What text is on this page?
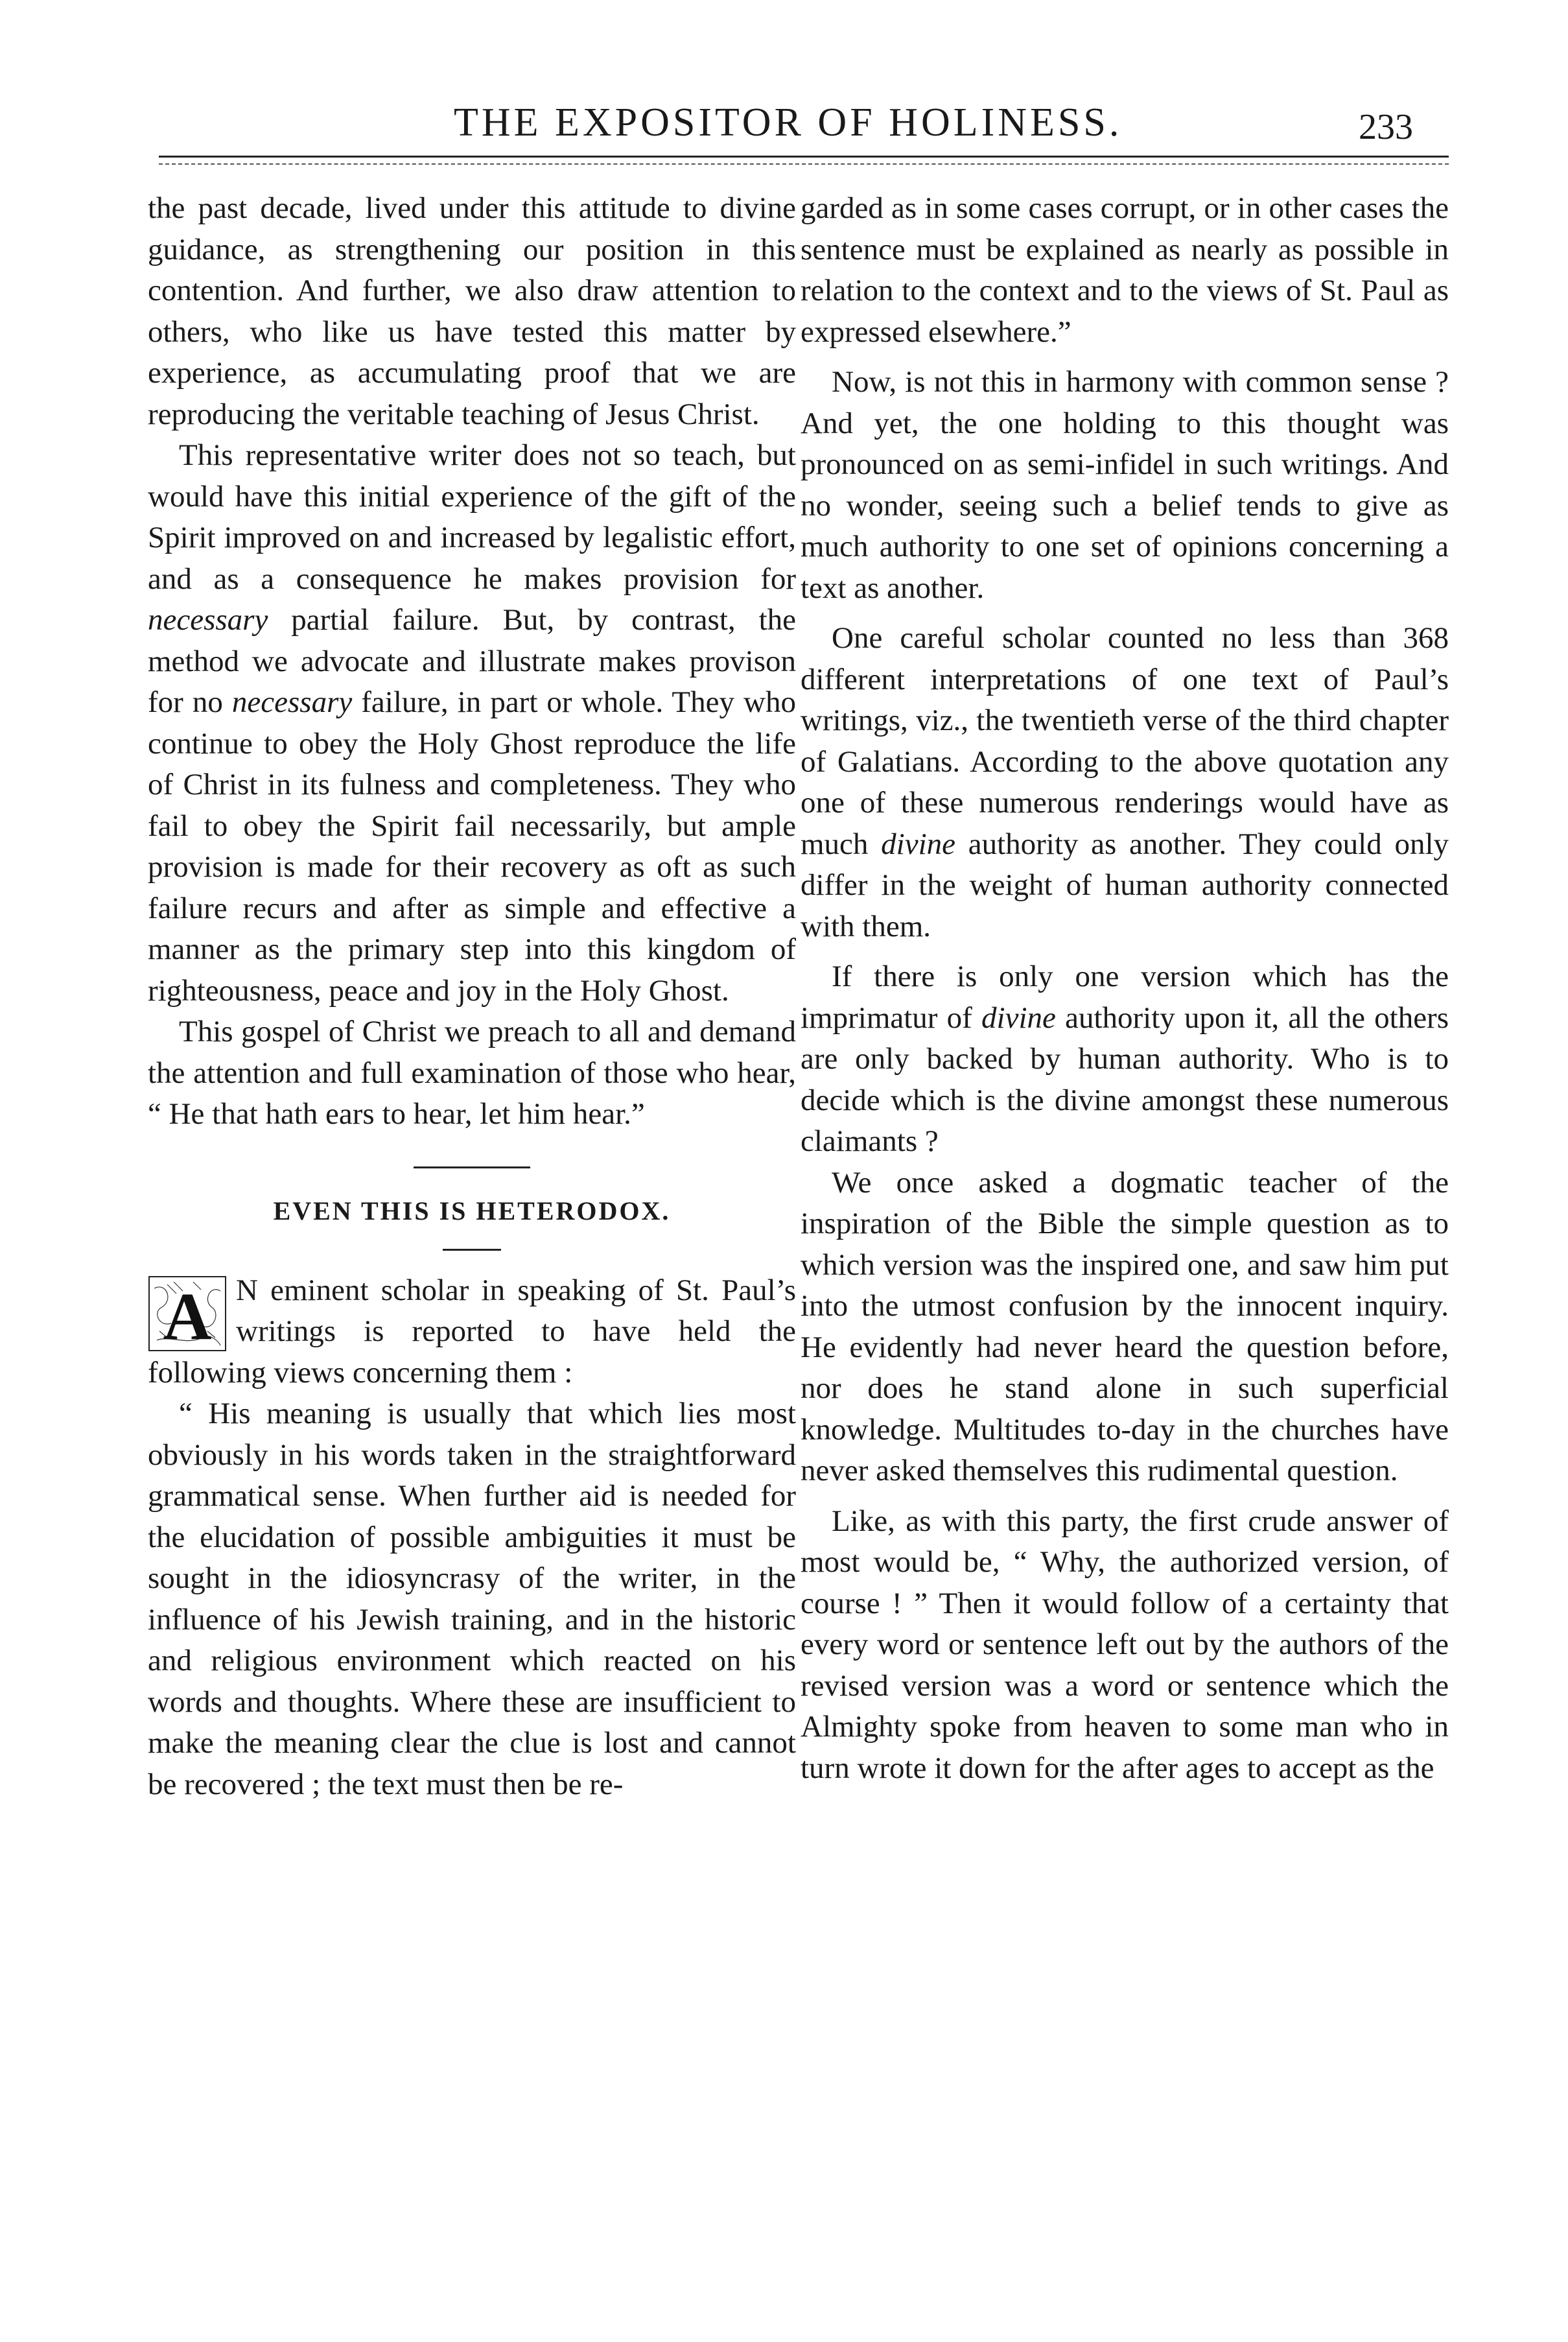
THE EXPOSITOR OF HOLINESS.	233

the past decade, lived under this attitude to divine guidance, as strengthening our position in this contention. And further, we also draw attention to others, who like us have tested this matter by experience, as accumulating proof that we are reproducing the veritable teaching of Jesus Christ.

This representative writer does not so teach, but would have this initial experience of the gift of the Spirit improved on and increased by legalistic effort, and as a consequence he makes provision for necessary partial failure. But, by contrast, the method we advocate and illustrate makes provison for no necessary failure, in part or whole. They who continue to obey the Holy Ghost reproduce the life of Christ in its fulness and completeness. They who fail to obey the Spirit fail necessarily, but ample provision is made for their recovery as oft as such failure recurs and after as simple and effective a manner as the primary step into this kingdom of righteousness, peace and joy in the Holy Ghost.

This gospel of Christ we preach to all and demand the attention and full examination of those who hear, “ He that hath ears to hear, let him hear.”

EVEN THIS IS HETERODOX.
A N eminent scholar in speaking of St. Paul’s writings is reported to have held the following views concerning them :

“ His meaning is usually that which lies most obviously in his words taken in the straightforward grammatical sense. When further aid is needed for the elucidation of possible ambiguities it must be sought in the idiosyncrasy of the writer, in the influence of his Jewish training, and in the historic and religious environment which reacted on his words and thoughts. Where these are insufficient to make the meaning clear the clue is lost and cannot be recovered ; the text must then be re-

garded as in some cases corrupt, or in other cases the sentence must be explained as nearly as possible in relation to the context and to the views of St. Paul as expressed elsewhere.”

Now, is not this in harmony with common sense ? And yet, the one holding to this thought was pronounced on as semi-infidel in such writings. And no wonder, seeing such a belief tends to give as much authority to one set of opinions concerning a text as another.

One careful scholar counted no less than 368 different interpretations of one text of Paul’s writings, viz., the twentieth verse of the third chapter of Galatians. According to the above quotation any one of these numerous renderings would have as much divine authority as another. They could only differ in the weight of human authority connected with them.

If there is only one version which has the imprimatur of divine authority upon it, all the others are only backed by human authority. Who is to decide which is the divine amongst these numerous claimants ?

We once asked a dogmatic teacher of the inspiration of the Bible the simple question as to which version was the inspired one, and saw him put into the utmost confusion by the innocent inquiry. He evidently had never heard the question before, nor does he stand alone in such superficial knowledge. Multitudes to-day in the churches have never asked themselves this rudimental question.

Like, as with this party, the first crude answer of most would be, “ Why, the authorized version, of course ! ” Then it would follow of a certainty that every word or sentence left out by the authors of the revised version was a word or sentence which the Almighty spoke from heaven to some man who in turn wrote it down for the after ages to accept as the
